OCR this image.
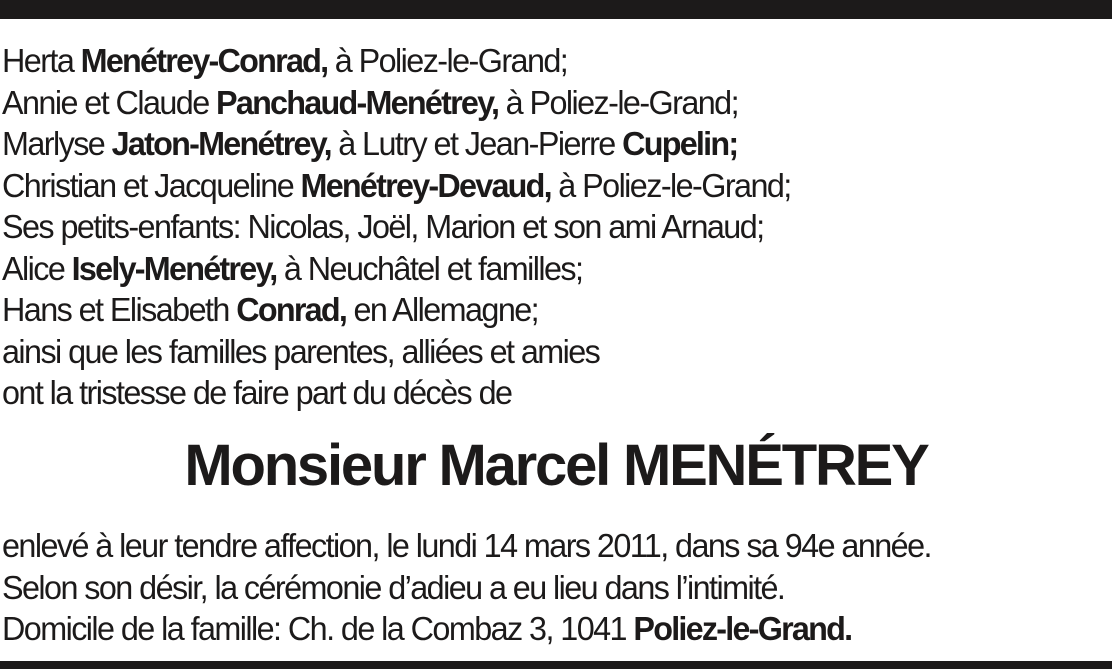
Herta Menétrey-Conrad, à Poliez-le-Grand;
Annie et Claude Panchaud-Menétrey, à Poliez-le-Grand;
Marlyse Jaton-Menétrey, à Lutry et Jean-Pierre Cupelin;
Christian et Jacqueline Menétrey-Devaud, à Poliez-le-Grand;
Ses petits-enfants: Nicolas, Joël, Marion et son ami Arnaud;
Alice Isely-Menétrey, à Neuchâtel et familles;
Hans et Elisabeth Conrad, en Allemagne;
ainsi que les familles parentes, alliées et amies
ont la tristesse de faire part du décès de
Monsieur Marcel MENÉTREY
enlevé à leur tendre affection, le lundi 14 mars 2011, dans sa 94e année.
Selon son désir, la cérémonie d’adieu a eu lieu dans l’intimité.
Domicile de la famille: Ch. de la Combaz 3, 1041 Poliez-le-Grand.
